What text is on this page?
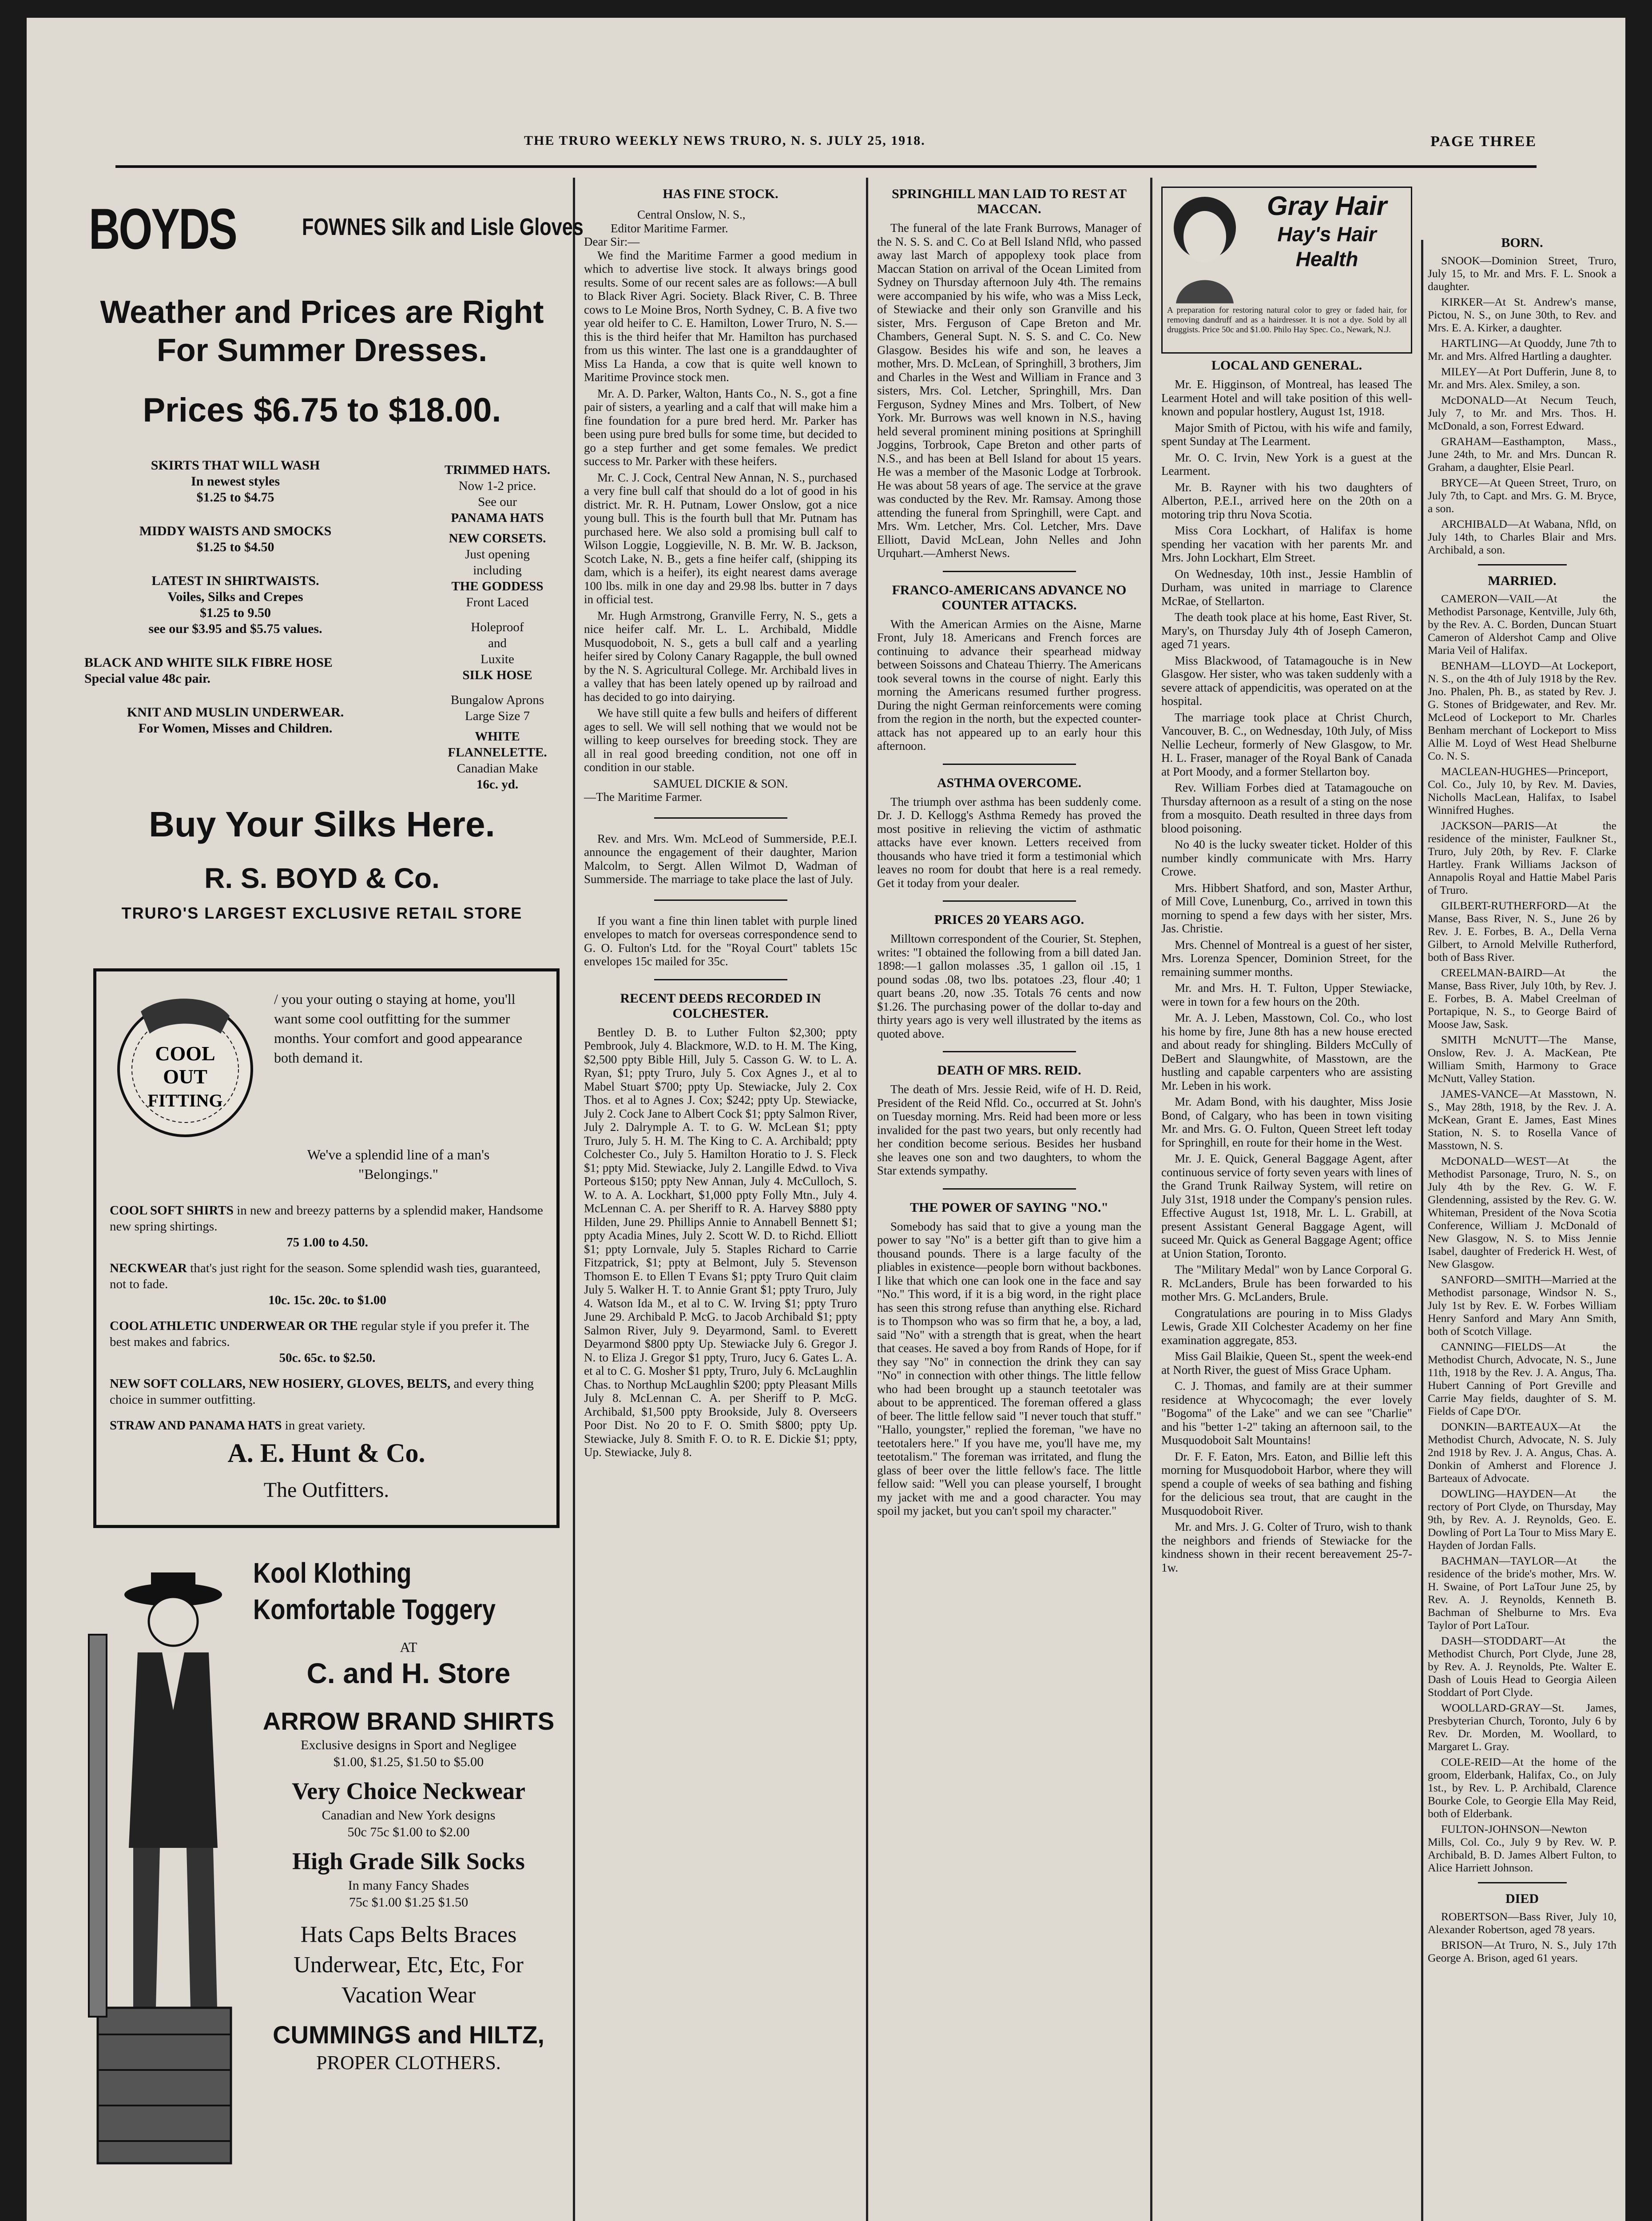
THE TRURO WEEKLY NEWS TRURO, N. S. JULY 25, 1918.	PAGE THREE
BOYDS	FOWNES Silk and Lisle Gloves
Weather and Prices are Right
For Summer Dresses.
Prices $6.75 to $18.00.
SKIRTS THAT WILL WASH
In newest styles
$1.25 to $4.75
MIDDY WAISTS AND SMOCKS
$1.25 to $4.50
LATEST IN SHIRTWAISTS.
Voiles, Silks and Crepes
$1.25 to 9.50
see our $3.95 and $5.75 values.
BLACK AND WHITE SILK FIBRE HOSE
Special value 48c pair.
KNIT AND MUSLIN UNDERWEAR.
For Women, Misses and Children.
TRIMMED HATS.
Now 1-2 price.
See our
PANAMA HATS
NEW CORSETS.
Just opening
including
THE GODDESS
Front Laced
Holeproof
and
Luxite
SILK HOSE
Bungalow Aprons
Large Size 7
WHITE FLANNELETTE.
Canadian Make
16c. yd.
Buy Your Silks Here.
R. S. BOYD & Co.
TRURO'S LARGEST EXCLUSIVE RETAIL STORE
COOL
OUT
FITTING
/ you your outing o staying at home, you'll want some cool outfitting for the summer months. Your comfort and good appearance both demand it.
We've a splendid line of a man's "Belongings."
COOL SOFT SHIRTS in new and breezy patterns by a splendid maker, Handsome new spring shirtings.
75 1.00 to 4.50.
NECKWEAR that's just right for the season. Some splendid wash ties, guaranteed, not to fade.
10c. 15c. 20c. to $1.00
COOL ATHLETIC UNDERWEAR OR THE regular style if you prefer it. The best makes and fabrics.
50c. 65c. to $2.50.
NEW SOFT COLLARS, NEW HOSIERY, GLOVES, BELTS, and every thing choice in summer outfitting.
STRAW AND PANAMA HATS in great variety.
A. E. Hunt & Co.
The Outfitters.
Kool Klothing
Komfortable Toggery
AT
C. and H. Store
ARROW BRAND SHIRTS
Exclusive designs in Sport and Negligee
$1.00, $1.25, $1.50 to $5.00
Very Choice Neckwear
Canadian and New York designs
50c 75c $1.00 to $2.00
High Grade Silk Socks
In many Fancy Shades
75c $1.00 $1.25 $1.50
Hats Caps Belts Braces
Underwear, Etc, Etc, For
Vacation Wear
CUMMINGS and HILTZ,
PROPER CLOTHERS.
HAS FINE STOCK.
Central Onslow, N. S.,
Editor Maritime Farmer.
Dear Sir:—

We find the Maritime Farmer a good medium in which to advertise live stock. It always brings good results. Some of our recent sales are as follows:—A bull to Black River Agri. Society. Black River, C. B. Three cows to Le Moine Bros, North Sydney, C. B. A five two year old heifer to C. E. Hamilton, Lower Truro, N. S.—this is the third heifer that Mr. Hamilton has purchased from us this winter. The last one is a granddaughter of Miss La Handa, a cow that is quite well known to Maritime Province stock men.

Mr. A. D. Parker, Walton, Hants Co., N. S., got a fine pair of sisters, a yearling and a calf that will make him a fine foundation for a pure bred herd. Mr. Parker has been using pure bred bulls for some time, but decided to go a step further and get some females. We predict success to Mr. Parker with these heifers.

Mr. C. J. Cock, Central New Annan, N. S., purchased a very fine bull calf that should do a lot of good in his district. Mr. R. H. Putnam, Lower Onslow, got a nice young bull. This is the fourth bull that Mr. Putnam has purchased here. We also sold a promising bull calf to Wilson Loggie, Loggieville, N. B. Mr. W. B. Jackson, Scotch Lake, N. B., gets a fine heifer calf, (shipping its dam, which is a heifer), its eight nearest dams average 100 lbs. milk in one day and 29.98 lbs. butter in 7 days in official test.

Mr. Hugh Armstrong, Granville Ferry, N. S., gets a nice heifer calf. Mr. L. L. Archibald, Middle Musquodoboit, N. S., gets a bull calf and a yearling heifer sired by Colony Canary Ragapple, the bull owned by the N. S. Agricultural College. Mr. Archibald lives in a valley that has been lately opened up by railroad and has decided to go into dairying.

We have still quite a few bulls and heifers of different ages to sell. We will sell nothing that we would not be willing to keep ourselves for breeding stock. They are all in real good breeding condition, not one off in condition in our stable.

SAMUEL DICKIE & SON.
—The Maritime Farmer.

Rev. and Mrs. Wm. McLeod of Summerside, P.E.I. announce the engagement of their daughter, Marion Malcolm, to Sergt. Allen Wilmot D, Wadman of Summerside. The marriage to take place the last of July.

If you want a fine thin linen tablet with purple lined envelopes to match for overseas correspondence send to G. O. Fulton's Ltd. for the "Royal Court" tablets 15c envelopes 15c mailed for 35c.

RECENT DEEDS RECORDED IN COLCHESTER.

Bentley D. B. to Luther Fulton $2,300; ppty Pembrook, July 4. Blackmore, W.D. to H. M. The King, $2,500 ppty Bible Hill, July 5. Casson G. W. to L. A. Ryan, $1; ppty Truro, July 5. Cox Agnes J., et al to Mabel Stuart $700; ppty Up. Stewiacke, July 2. Cox Thos. et al to Agnes J. Cox; $242; ppty Up. Stewiacke, July 2. Cock Jane to Albert Cock $1; ppty Salmon River, July 2. Dalrymple A. T. to G. W. McLean $1; ppty Truro, July 5. H. M. The King to C. A. Archibald; ppty Colchester Co., July 5. Hamilton Horatio to J. S. Fleck $1; ppty Mid. Stewiacke, July 2. Langille Edwd. to Viva Porteous $150; ppty New Annan, July 4. McCulloch, S. W. to A. A. Lockhart, $1,000 ppty Folly Mtn., July 4. McLennan C. A. per Sheriff to R. A. Harvey $880 ppty Hilden, June 29. Phillips Annie to Annabell Bennett $1; ppty Acadia Mines, July 2. Scott W. D. to Richd. Elliott $1; ppty Lornvale, July 5. Staples Richard to Carrie Fitzpatrick, $1; ppty at Belmont, July 5. Stevenson Thomson E. to Ellen T Evans $1; ppty Truro Quit claim July 5. Walker H. T. to Annie Grant $1; ppty Truro, July 4. Watson Ida M., et al to C. W. Irving $1; ppty Truro June 29. Archibald P. McG. to Jacob Archibald $1; ppty Salmon River, July 9. Deyarmond, Saml. to Everett Deyarmond $800 ppty Up. Stewiacke July 6. Gregor J. N. to Eliza J. Gregor $1 ppty, Truro, Jucy 6. Gates L. A. et al to C. G. Mosher $1 ppty, Truro, July 6. McLaughlin Chas. to Northup McLaughlin $200; ppty Pleasant Mills July 8. McLennan C. A. per Sheriff to P. McG. Archibald, $1,500 ppty Brookside, July 8. Overseers Poor Dist. No 20 to F. O. Smith $800; ppty Up. Stewiacke, July 8. Smith F. O. to R. E. Dickie $1; ppty, Up. Stewiacke, July 8.

SPRINGHILL MAN LAID TO REST AT MACCAN.

The funeral of the late Frank Burrows, Manager of the N. S. S. and C. Co at Bell Island Nfld, who passed away last March of appoplexy took place from Maccan Station on arrival of the Ocean Limited from Sydney on Thursday afternoon July 4th. The remains were accompanied by his wife, who was a Miss Leck, of Stewiacke and their only son Granville and his sister, Mrs. Ferguson of Cape Breton and Mr. Chambers, General Supt. N. S. S. and C. Co. New Glasgow. Besides his wife and son, he leaves a mother, Mrs. D. McLean, of Springhill, 3 brothers, Jim and Charles in the West and William in France and 3 sisters, Mrs. Col. Letcher, Springhill, Mrs. Dan Ferguson, Sydney Mines and Mrs. Tolbert, of New York. Mr. Burrows was well known in N.S., having held several prominent mining positions at Springhill Joggins, Torbrook, Cape Breton and other parts of N.S., and has been at Bell Island for about 15 years. He was a member of the Masonic Lodge at Torbrook. He was about 58 years of age. The service at the grave was conducted by the Rev. Mr. Ramsay. Among those attending the funeral from Springhill, were Capt. and Mrs. Wm. Letcher, Mrs. Col. Letcher, Mrs. Dave Elliott, David McLean, John Nelles and John Urquhart.—Amherst News.

FRANCO-AMERICANS ADVANCE NO COUNTER ATTACKS.

With the American Armies on the Aisne, Marne Front, July 18. Americans and French forces are continuing to advance their spearhead midway between Soissons and Chateau Thierry. The Americans took several towns in the course of night. Early this morning the Americans resumed further progress. During the night German reinforcements were coming from the region in the north, but the expected counter-attack has not appeared up to an early hour this afternoon.

ASTHMA OVERCOME.

The triumph over asthma has been suddenly come. Dr. J. D. Kellogg's Asthma Remedy has proved the most positive in relieving the victim of asthmatic attacks have ever known. Letters received from thousands who have tried it form a testimonial which leaves no room for doubt that here is a real remedy. Get it today from your dealer.

PRICES 20 YEARS AGO.

Milltown correspondent of the Courier, St. Stephen, writes: "I obtained the following from a bill dated Jan. 1898:—1 gallon molasses .35, 1 gallon oil .15, 1 pound sodas .08, two lbs. potatoes .23, flour .40; 1 quart beans .20, now .35. Totals 76 cents and now $1.26. The purchasing power of the dollar to-day and thirty years ago is very well illustrated by the items as quoted above.

DEATH OF MRS. REID.

The death of Mrs. Jessie Reid, wife of H. D. Reid, President of the Reid Nfld. Co., occurred at St. John's on Tuesday morning. Mrs. Reid had been more or less invalided for the past two years, but only recently had her condition become serious. Besides her husband she leaves one son and two daughters, to whom the Star extends sympathy.

THE POWER OF SAYING "NO."

Somebody has said that to give a young man the power to say "No" is a better gift than to give him a thousand pounds. There is a large faculty of the pliables in existence—people born without backbones. I like that which one can look one in the face and say "No." This word, if it is a big word, in the right place has seen this strong refuse than anything else. Richard is to Thompson who was so firm that he, a boy, a lad, said "No" with a strength that is great, when the heart that ceases. He saved a boy from Rands of Hope, for if they say "No" in connection the drink they can say "No" in connection with other things. The little fellow who had been brought up a staunch teetotaler was about to be apprenticed. The foreman offered a glass of beer. The little fellow said "I never touch that stuff." "Hallo, youngster," replied the foreman, "we have no teetotalers here." If you have me, you'll have me, my teetotalism." The foreman was irritated, and flung the glass of beer over the little fellow's face. The little fellow said: "Well you can please yourself, I brought my jacket with me and a good character. You may spoil my jacket, but you can't spoil my character."

Gray Hair
Hay's Hair Health
A preparation for restoring natural color to grey or faded hair, for removing dandruff and as a hairdresser. It is not a dye. Sold by all druggists. Price 50c and $1.00. Philo Hay Spec. Co., Newark, N.J.
LOCAL AND GENERAL.

Mr. E. Higginson, of Montreal, has leased The Learment Hotel and will take position of this well-known and popular hostlery, August 1st, 1918.

Major Smith of Pictou, with his wife and family, spent Sunday at The Learment.

Mr. O. C. Irvin, New York is a guest at the Learment.

Mr. B. Rayner with his two daughters of Alberton, P.E.I., arrived here on the 20th on a motoring trip thru Nova Scotia.

Miss Cora Lockhart, of Halifax is home spending her vacation with her parents Mr. and Mrs. John Lockhart, Elm Street.

On Wednesday, 10th inst., Jessie Hamblin of Durham, was united in marriage to Clarence McRae, of Stellarton.

The death took place at his home, East River, St. Mary's, on Thursday July 4th of Joseph Cameron, aged 71 years.

Miss Blackwood, of Tatamagouche is in New Glasgow. Her sister, who was taken suddenly with a severe attack of appendicitis, was operated on at the hospital.

The marriage took place at Christ Church, Vancouver, B. C., on Wednesday, 10th July, of Miss Nellie Lecheur, formerly of New Glasgow, to Mr. H. L. Fraser, manager of the Royal Bank of Canada at Port Moody, and a former Stellarton boy.

Rev. William Forbes died at Tatamagouche on Thursday afternoon as a result of a sting on the nose from a mosquito. Death resulted in three days from blood poisoning.

No 40 is the lucky sweater ticket. Holder of this number kindly communicate with Mrs. Harry Crowe.

Mrs. Hibbert Shatford, and son, Master Arthur, of Mill Cove, Lunenburg, Co., arrived in town this morning to spend a few days with her sister, Mrs. Jas. Christie.

Mrs. Chennel of Montreal is a guest of her sister, Mrs. Lorenza Spencer, Dominion Street, for the remaining summer months.

Mr. and Mrs. H. T. Fulton, Upper Stewiacke, were in town for a few hours on the 20th.

Mr. A. J. Leben, Masstown, Col. Co., who lost his home by fire, June 8th has a new house erected and about ready for shingling. Bilders McCully of DeBert and Slaungwhite, of Masstown, are the hustling and capable carpenters who are assisting Mr. Leben in his work.

Mr. Adam Bond, with his daughter, Miss Josie Bond, of Calgary, who has been in town visiting Mr. and Mrs. G. O. Fulton, Queen Street left today for Springhill, en route for their home in the West.

Mr. J. E. Quick, General Baggage Agent, after continuous service of forty seven years with lines of the Grand Trunk Railway System, will retire on July 31st, 1918 under the Company's pension rules. Effective August 1st, 1918, Mr. L. L. Grabill, at present Assistant General Baggage Agent, will suceed Mr. Quick as General Baggage Agent; office at Union Station, Toronto.

The "Military Medal" won by Lance Corporal G. R. McLanders, Brule has been forwarded to his mother Mrs. G. McLanders, Brule.

Congratulations are pouring in to Miss Gladys Lewis, Grade XII Colchester Academy on her fine examination aggregate, 853.

Miss Gail Blaikie, Queen St., spent the week-end at North River, the guest of Miss Grace Upham.

C. J. Thomas, and family are at their summer residence at Whycocomagh; the ever lovely "Bogoma" of the Lake" and we can see "Charlie" and his "better 1-2" taking an afternoon sail, to the Musquodoboit Salt Mountains!

Dr. F. F. Eaton, Mrs. Eaton, and Billie left this morning for Musquodoboit Harbor, where they will spend a couple of weeks of sea bathing and fishing for the delicious sea trout, that are caught in the Musquodoboit River.

Mr. and Mrs. J. G. Colter of Truro, wish to thank the neighbors and friends of Stewiacke for the kindness shown in their recent bereavement 25-7-1w.

BORN.

SNOOK—Dominion Street, Truro, July 15, to Mr. and Mrs. F. L. Snook a daughter.

KIRKER—At St. Andrew's manse, Pictou, N. S., on June 30th, to Rev. and Mrs. E. A. Kirker, a daughter.

HARTLING—At Quoddy, June 7th to Mr. and Mrs. Alfred Hartling a daughter.

MILEY—At Port Dufferin, June 8, to Mr. and Mrs. Alex. Smiley, a son.

McDONALD—At Necum Teuch, July 7, to Mr. and Mrs. Thos. H. McDonald, a son, Forrest Edward.

GRAHAM—Easthampton, Mass., June 24th, to Mr. and Mrs. Duncan R. Graham, a daughter, Elsie Pearl.

BRYCE—At Queen Street, Truro, on July 7th, to Capt. and Mrs. G. M. Bryce, a son.

ARCHIBALD—At Wabana, Nfld, on July 14th, to Charles Blair and Mrs. Archibald, a son.

MARRIED.

CAMERON—VAIL—At the Methodist Parsonage, Kentville, July 6th, by the Rev. A. C. Borden, Duncan Stuart Cameron of Aldershot Camp and Olive Maria Veil of Halifax.

BENHAM—LLOYD—At Lockeport, N. S., on the 4th of July 1918 by the Rev. Jno. Phalen, Ph. B., as stated by Rev. J. G. Stones of Bridgewater, and Rev. Mr. McLeod of Lockeport to Mr. Charles Benham merchant of Lockeport to Miss Allie M. Loyd of West Head Shelburne Co. N. S.

MACLEAN-HUGHES—Princeport, Col. Co., July 10, by Rev. M. Davies, Nicholls MacLean, Halifax, to Isabel Winnifred Hughes.

JACKSON—PARIS—At the residence of the minister, Faulkner St., Truro, July 20th, by Rev. F. Clarke Hartley. Frank Williams Jackson of Annapolis Royal and Hattie Mabel Paris of Truro.

GILBERT-RUTHERFORD—At the Manse, Bass River, N. S., June 26 by Rev. J. E. Forbes, B. A., Della Verna Gilbert, to Arnold Melville Rutherford, both of Bass River.

CREELMAN-BAIRD—At the Manse, Bass River, July 10th, by Rev. J. E. Forbes, B. A. Mabel Creelman of Portapique, N. S., to George Baird of Moose Jaw, Sask.

SMITH McNUTT—The Manse, Onslow, Rev. J. A. MacKean, Pte William Smith, Harmony to Grace McNutt, Valley Station.

JAMES-VANCE—At Masstown, N. S., May 28th, 1918, by the Rev. J. A. McKean, Grant E. James, East Mines Station, N. S. to Rosella Vance of Masstown, N. S.

McDONALD—WEST—At the Methodist Parsonage, Truro, N. S., on July 4th by the Rev. G. W. F. Glendenning, assisted by the Rev. G. W. Whiteman, President of the Nova Scotia Conference, William J. McDonald of New Glasgow, N. S. to Miss Jennie Isabel, daughter of Frederick H. West, of New Glasgow.

SANFORD—SMITH—Married at the Methodist parsonage, Windsor N. S., July 1st by Rev. E. W. Forbes William Henry Sanford and Mary Ann Smith, both of Scotch Village.

CANNING—FIELDS—At the Methodist Church, Advocate, N. S., June 11th, 1918 by the Rev. J. A. Angus, Tha. Hubert Canning of Port Greville and Carrie May fields, daughter of S. M. Fields of Cape D'Or.

DONKIN—BARTEAUX—At the Methodist Church, Advocate, N. S. July 2nd 1918 by Rev. J. A. Angus, Chas. A. Donkin of Amherst and Florence J. Barteaux of Advocate.

DOWLING—HAYDEN—At the rectory of Port Clyde, on Thursday, May 9th, by Rev. A. J. Reynolds, Geo. E. Dowling of Port La Tour to Miss Mary E. Hayden of Jordan Falls.

BACHMAN—TAYLOR—At the residence of the bride's mother, Mrs. W. H. Swaine, of Port LaTour June 25, by Rev. A. J. Reynolds, Kenneth B. Bachman of Shelburne to Mrs. Eva Taylor of Port LaTour.

DASH—STODDART—At the Methodist Church, Port Clyde, June 28, by Rev. A. J. Reynolds, Pte. Walter E. Dash of Louis Head to Georgia Aileen Stoddart of Port Clyde.

WOOLLARD-GRAY—St. James, Presbyterian Church, Toronto, July 6 by Rev. Dr. Morden, M. Woollard, to Margaret L. Gray.

COLE-REID—At the home of the groom, Elderbank, Halifax, Co., on July 1st., by Rev. L. P. Archibald, Clarence Bourke Cole, to Georgie Ella May Reid, both of Elderbank.

FULTON-JOHNSON—Newton Mills, Col. Co., July 9 by Rev. W. P. Archibald, B. D. James Albert Fulton, to Alice Harriett Johnson.

DIED

ROBERTSON—Bass River, July 10, Alexander Robertson, aged 78 years.

BRISON—At Truro, N. S., July 17th George A. Brison, aged 61 years.
